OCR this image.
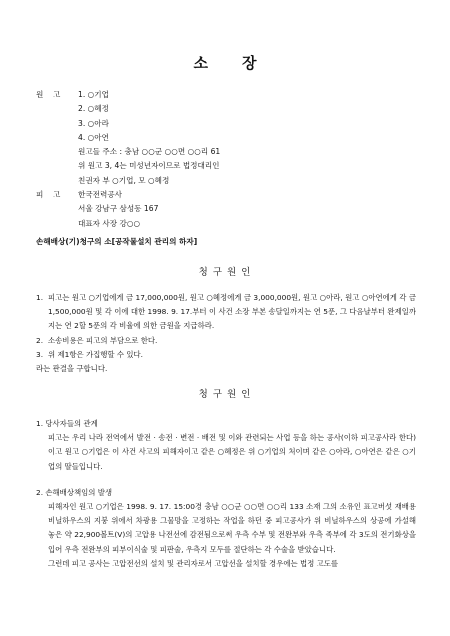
소 장
원    고	1. ○기업
2. ○혜정
3. ○아라
4. ○아연
원고들 주소 : 충남 ○○군 ○○면 ○○리 61
위 원고 3, 4는 미성년자이므로 법정대리인
친권자 부 ○기업, 모 ○혜정
피    고	한국전력공사
서울 강남구 삼성동 167
대표자 사장 강○○
손해배상(기)청구의 소[공작물설치 관리의 하자]
청 구 원 인
1. 피고는 원고 ○기업에게 금 17,000,000원, 원고 ○혜정에게 금 3,000,000원, 원고 ○아라, 원고 ○아연에게 각 금 1,500,000원 및 각 이에 대한 1998. 9. 17.부터 이 사건 소장 부본 송달일까지는 연 5푼, 그 다음날부터 완제일까지는 연 2할 5푼의 각 비율에 의한 금원을 지급하라.
2. 소송비용은 피고의 부담으로 한다.
3. 위 제1항은 가집행할 수 있다.
라는 판결을 구합니다.
청 구 원 인
1. 당사자들의 관계
피고는 우리 나라 전역에서 발전 · 송전 · 변전 · 배전 및 이와 관련되는 사업 등을 하는 공사(이하 피고공사라 한다)이고 원고 ○기업은 이 사건 사고의 피해자이고 같은 ○혜정은 위 ○기업의 처이며 같은 ○아라, ○아연은 같은 ○기업의 딸들입니다.
2. 손해배상책임의 발생
피해자인 원고 ○기업은 1998. 9. 17. 15:00경 충남 ○○군 ○○면 ○○리 133 소재 그의 소유인 표고버섯 재배용 비닐하우스의 지붕 위에서 차광용 그물망을 고정하는 작업을 하던 중 피고공사가 위 비닐하우스의 상공에 가설해 놓은 약 22,900볼트(V)의 고압용 나전선에 감전됨으로써 우측 수부 및 전완부와 우측 족부에 각 3도의 전기화상을 입어 우측 전완부의 피부이식술 및 피판술, 우측지 모두를 절단하는 각 수술을 받았습니다.
그런데 피고 공사는 고압전선의 설치 및 관리자로서 고압선을 설치할 경우에는 법정 고도를
